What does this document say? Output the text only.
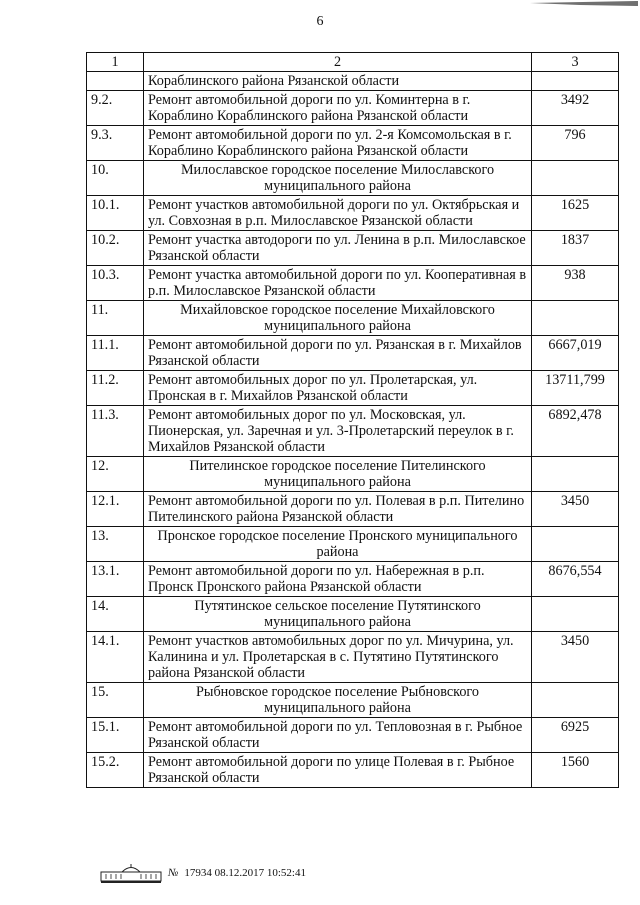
6
1	2	3
	Кораблинского района Рязанской области	
9.2.	Ремонт автомобильной дороги по ул. Коминтерна в г. Кораблино Кораблинского района Рязанской области	3492
9.3.	Ремонт автомобильной дороги по ул. 2-я Комсомольская в г. Кораблино Кораблинского района Рязанской области	796
10.	Милославское городское поселение Милославского муниципального района	
10.1.	Ремонт участков автомобильной дороги по ул. Октябрьская и ул. Совхозная в р.п. Милославское Рязанской области	1625
10.2.	Ремонт участка автодороги по ул. Ленина в р.п. Милославское Рязанской области	1837
10.3.	Ремонт участка автомобильной дороги по ул. Кооперативная в р.п. Милославское Рязанской области	938
11.	Михайловское городское поселение Михайловского муниципального района	
11.1.	Ремонт автомобильной дороги по ул. Рязанская в г. Михайлов Рязанской области	6667,019
11.2.	Ремонт автомобильных дорог по ул. Пролетарская, ул. Пронская в г. Михайлов Рязанской области	13711,799
11.3.	Ремонт автомобильных дорог по ул. Московская, ул. Пионерская, ул. Заречная и ул. 3-Пролетарский переулок в г. Михайлов Рязанской области	6892,478
12.	Пителинское городское поселение Пителинского муниципального района	
12.1.	Ремонт автомобильной дороги по ул. Полевая в р.п. Пителино Пителинского района Рязанской области	3450
13.	Пронское городское поселение Пронского муниципального района	
13.1.	Ремонт автомобильной дороги по ул. Набережная в р.п. Пронск Пронского района Рязанской области	8676,554
14.	Путятинское сельское поселение Путятинского муниципального района	
14.1.	Ремонт участков автомобильных дорог по ул. Мичурина, ул. Калинина и ул. Пролетарская в с. Путятино Путятинского района Рязанской области	3450
15.	Рыбновское городское поселение Рыбновского муниципального района	
15.1.	Ремонт автомобильной дороги по ул. Тепловозная в г. Рыбное Рязанской области	6925
15.2.	Ремонт автомобильной дороги по улице Полевая в г. Рыбное Рязанской области	1560
№ 17934
08.12.2017 10:52:41
